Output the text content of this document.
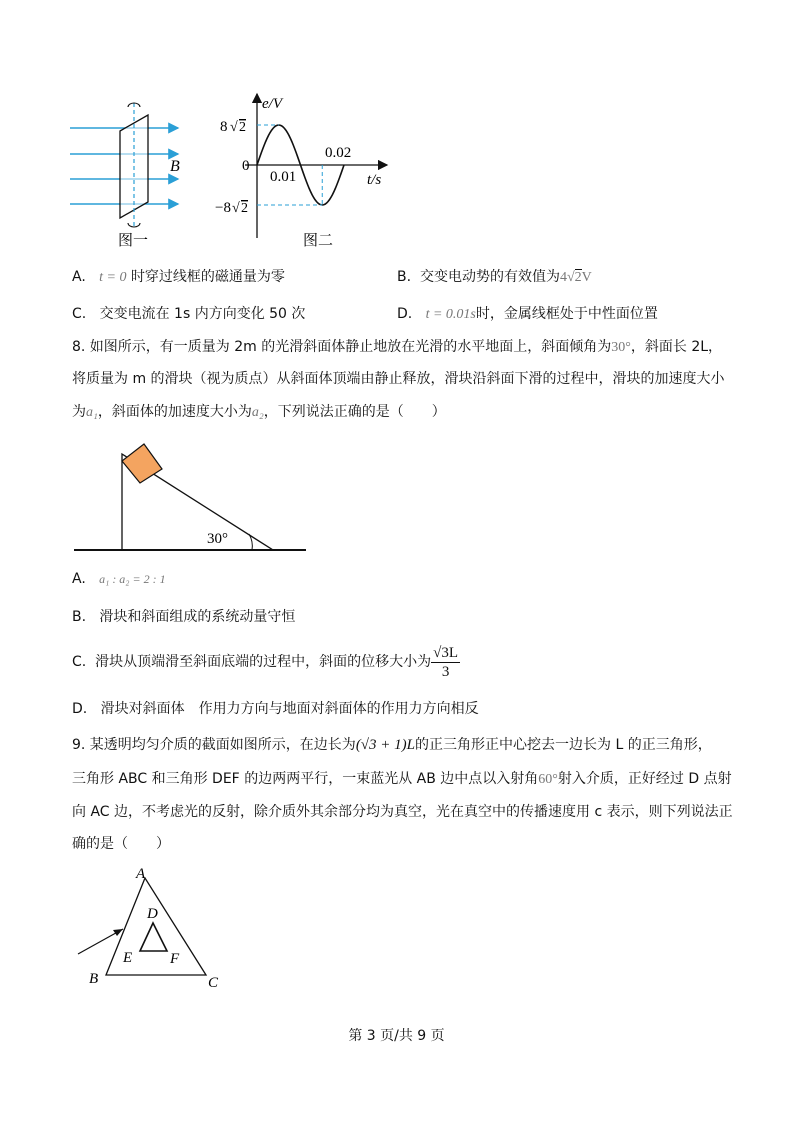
B
图一
e/V
t/s
8 √ 2
0
−8 √ 2
0.01
0.02
图二
A. t = 0 时穿过线框的磁通量为零	B. 交变电动势的有效值为4√2V
C. 交变电流在 1s 内方向变化 50 次	D. t = 0.01s时，金属线框处于中性面位置
8. 如图所示，有一质量为 2m 的光滑斜面体静止地放在光滑的水平地面上，斜面倾角为30°，斜面长 2L，
将质量为 m 的滑块（视为质点）从斜面体顶端由静止释放，滑块沿斜面下滑的过程中，滑块的加速度大小
为a₁，斜面体的加速度大小为a₂，下列说法正确的是（　　）
30°
A. a₁ : a₂ = 2 : 1
B. 滑块和斜面组成的系统动量守恒
C.
滑块从顶端滑至斜面底端的过程中，斜面的位移大小为 $\frac{√3L}{3}$
D. 滑块对斜面体　作用力方向与地面对斜面体的作用力方向相反
9. 某透明均匀介质的截面如图所示，在边长为(√3 + 1)L的正三角形正中心挖去一边长为 L 的正三角形，
三角形 ABC 和三角形 DEF 的边两两平行，一束蓝光从 AB 边中点以入射角60°射入介质，正好经过 D 点射
向 AC 边，不考虑光的反射，除介质外其余部分均为真空，光在真空中的传播速度用 c 表示，则下列说法正
确的是（　　）
A
B	C
D
E	F
第 3 页/共 9 页
